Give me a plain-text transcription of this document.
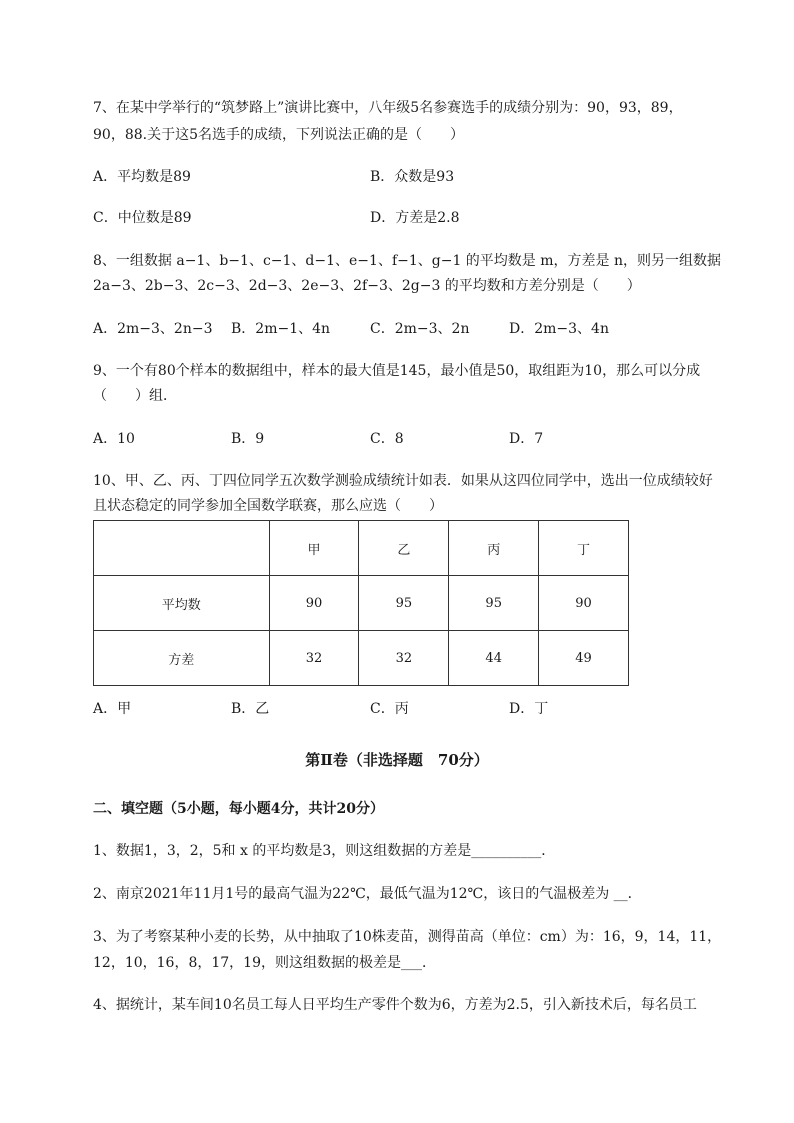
7、在某中学举行的“筑梦路上”演讲比赛中，八年级5名参赛选手的成绩分别为：90，93，89，
90，88.关于这5名选手的成绩，下列说法正确的是（　　）
A．平均数是89	B．众数是93
C．中位数是89	D．方差是2.8
8、一组数据 a−1、b−1、c−1、d−1、e−1、f−1、g−1 的平均数是 m，方差是 n，则另一组数据
2a−3、2b−3、2c−3、2d−3、2e−3、2f−3、2g−3 的平均数和方差分别是（　　）
A．2m−3、2n−3 B．2m−1、4n	C．2m−3、2n	D．2m−3、4n
9、一个有80个样本的数据组中，样本的最大值是145，最小值是50，取组距为10，那么可以分成
（　　）组．
A．10	B．9	C．8	D．7
10、甲、乙、丙、丁四位同学五次数学测验成绩统计如表．如果从这四位同学中，选出一位成绩较好
且状态稳定的同学参加全国数学联赛，那么应选（　　）
	甲	乙	丙	丁
平均数	90	95	95	90
方差	32	32	44	49
A．甲	B．乙	C．丙	D．丁
第Ⅱ卷（非选择题　70分）
二、填空题（5小题，每小题4分，共计20分）
1、数据1，3，2，5和 x 的平均数是3，则这组数据的方差是__________．
2、南京2021年11月1号的最高气温为22℃，最低气温为12℃，该日的气温极差为 __．
3、为了考察某种小麦的长势，从中抽取了10株麦苗，测得苗高（单位：cm）为：16，9，14，11，
12，10，16，8，17，19，则这组数据的极差是___．
4、据统计，某车间10名员工每人日平均生产零件个数为6，方差为2.5，引入新技术后，每名员工
